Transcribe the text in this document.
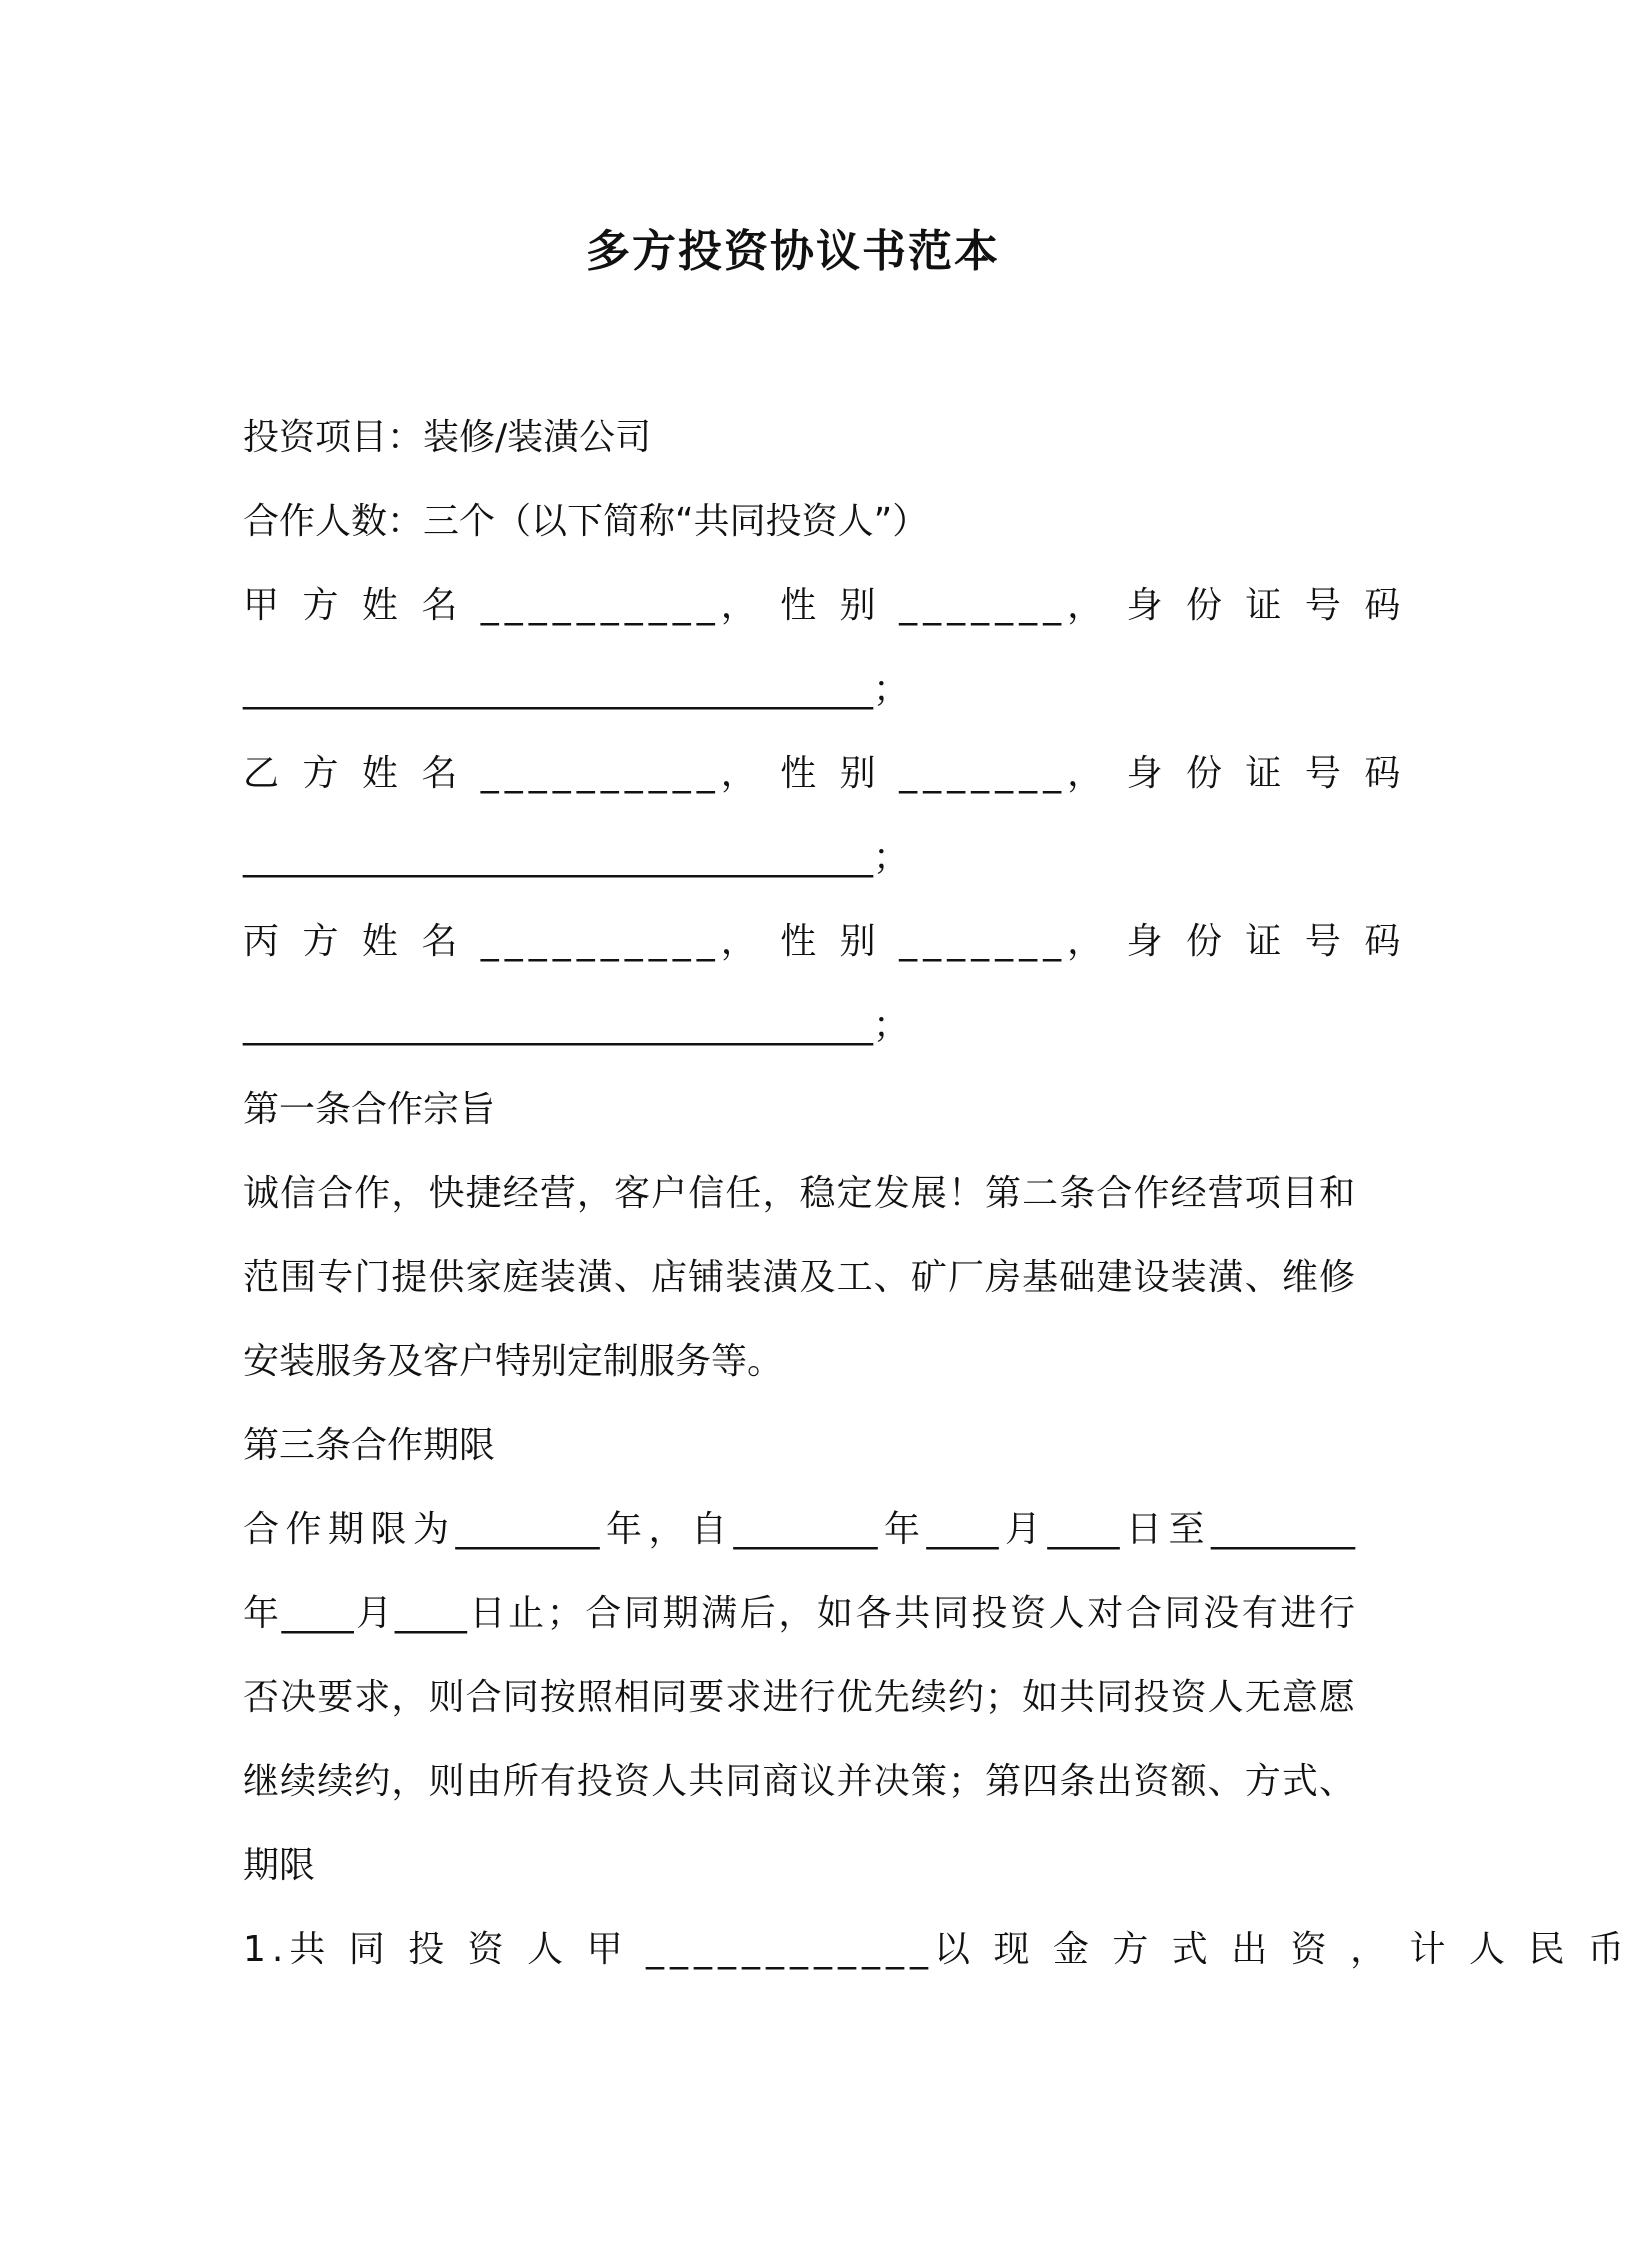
多方投资协议书范本
投资项目：装修/装潢公司
合作人数：三个（以下简称“共同投资人”）
甲 方 姓 名 __________， 性 别 _______， 身 份 证 号 码
___________________________________；
乙 方 姓 名 __________， 性 别 _______， 身 份 证 号 码
___________________________________；
丙 方 姓 名 __________， 性 别 _______， 身 份 证 号 码
___________________________________；
第一条合作宗旨
诚信合作，快捷经营，客户信任，稳定发展！第二条合作经营项目和
范围专门提供家庭装潢、店铺装潢及工、矿厂房基础建设装潢、维修
安装服务及客户特别定制服务等。
第三条合作期限
合作期限为________年，自________年____月____日至________
年____月____日止；合同期满后，如各共同投资人对合同没有进行
否决要求，则合同按照相同要求进行优先续约；如共同投资人无意愿
继续续约，则由所有投资人共同商议并决策；第四条出资额、方式、
期限
1.共 同 投 资 人 甲 ____________以 现 金 方 式 出 资 ， 计 人 民 币
